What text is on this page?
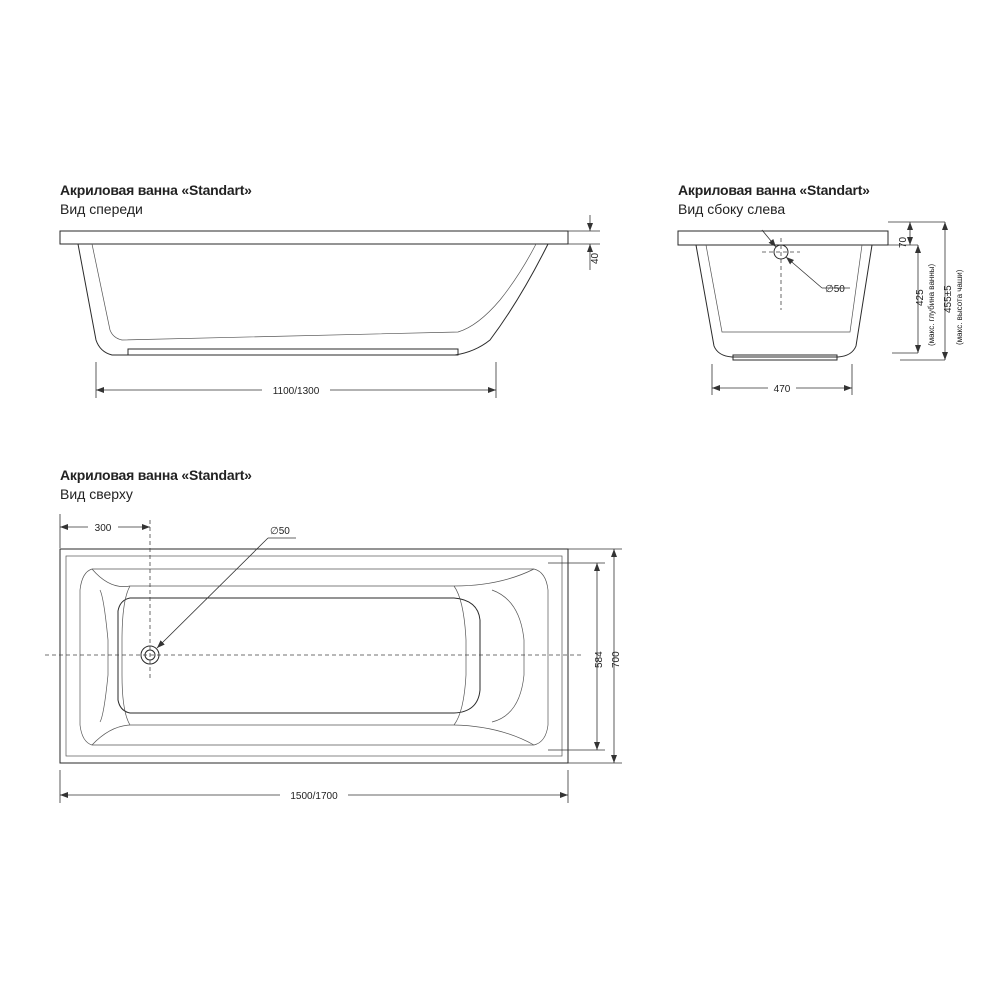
Акриловая ванна «Standart»
Вид спереди
Акриловая ванна «Standart»
Вид сбоку слева
Акриловая ванна «Standart»
Вид сверху
40
1100/1300
∅50
70
425 (макс. глубина ванны) 455±5 (макс. высота чаши)
470
∅50
300
584 700
1500/1700
